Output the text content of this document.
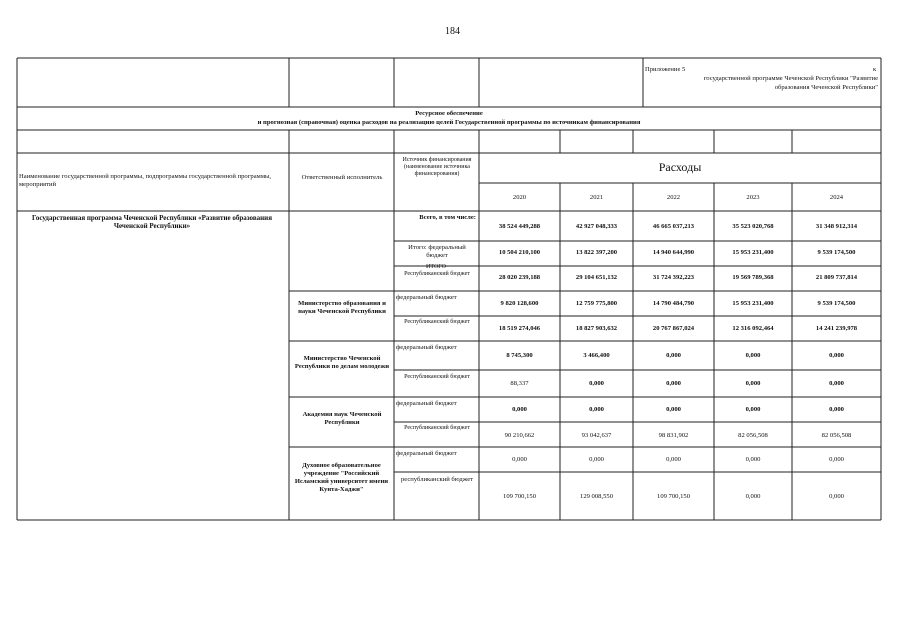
184
Приложение 5	к
государственной программе Чеченской Республики "Развитие
образования Чеченской Республики"
Ресурсное обеспечение
и прогнозная (справочная) оценка расходов на реализацию целей Государственной программы по источникам финансирования
Наименование государственной программы, подпрограммы государственной программы, мероприятий
Ответственный исполнитель
Источник финансирования (наименование источника финансирования)
Расходы
2020	2021	2022	2023	2024
Государственная программа Чеченской Республики «Развитие образования Чеченской Республики»
Всего, в том числе:
38 524 449,288	42 927 048,333	46 665 037,213	35 523 020,768	31 348 912,314
Итого: федеральный бюджет	10 504 210,100	13 822 397,200	14 940 644,990	15 953 231,400	9 539 174,500
ИТОГО-Республиканский бюджет	28 020 239,188	29 104 651,132	31 724 392,223	19 569 789,368	21 809 737,814
Министерство образования и науки Чеченской Республики
федеральный бюджет
9 820 128,600	12 759 775,800	14 790 484,790	15 953 231,400	9 539 174,500
Республиканский бюджет
18 519 274,046	18 827 903,632	20 767 867,024	12 316 092,464	14 241 239,978
Министерство Чеченской Республики по делам молодежи
федеральный бюджет
8 745,300	3 466,400	0,000	0,000	0,000
Республиканский бюджет
88,337	0,000	0,000	0,000	0,000
Академия наук Чеченской Республики
федеральный бюджет
0,000	0,000	0,000	0,000	0,000
Республиканский бюджет
90 210,662	93 042,637	98 831,902	82 056,508	82 056,508
Духовное образовательное учреждение "Российский Исламский университет имени Кунта-Хаджи"
федеральный бюджет
0,000	0,000	0,000	0,000	0,000
республиканский бюджет
109 700,150	129 008,550	109 700,150	0,000	0,000
